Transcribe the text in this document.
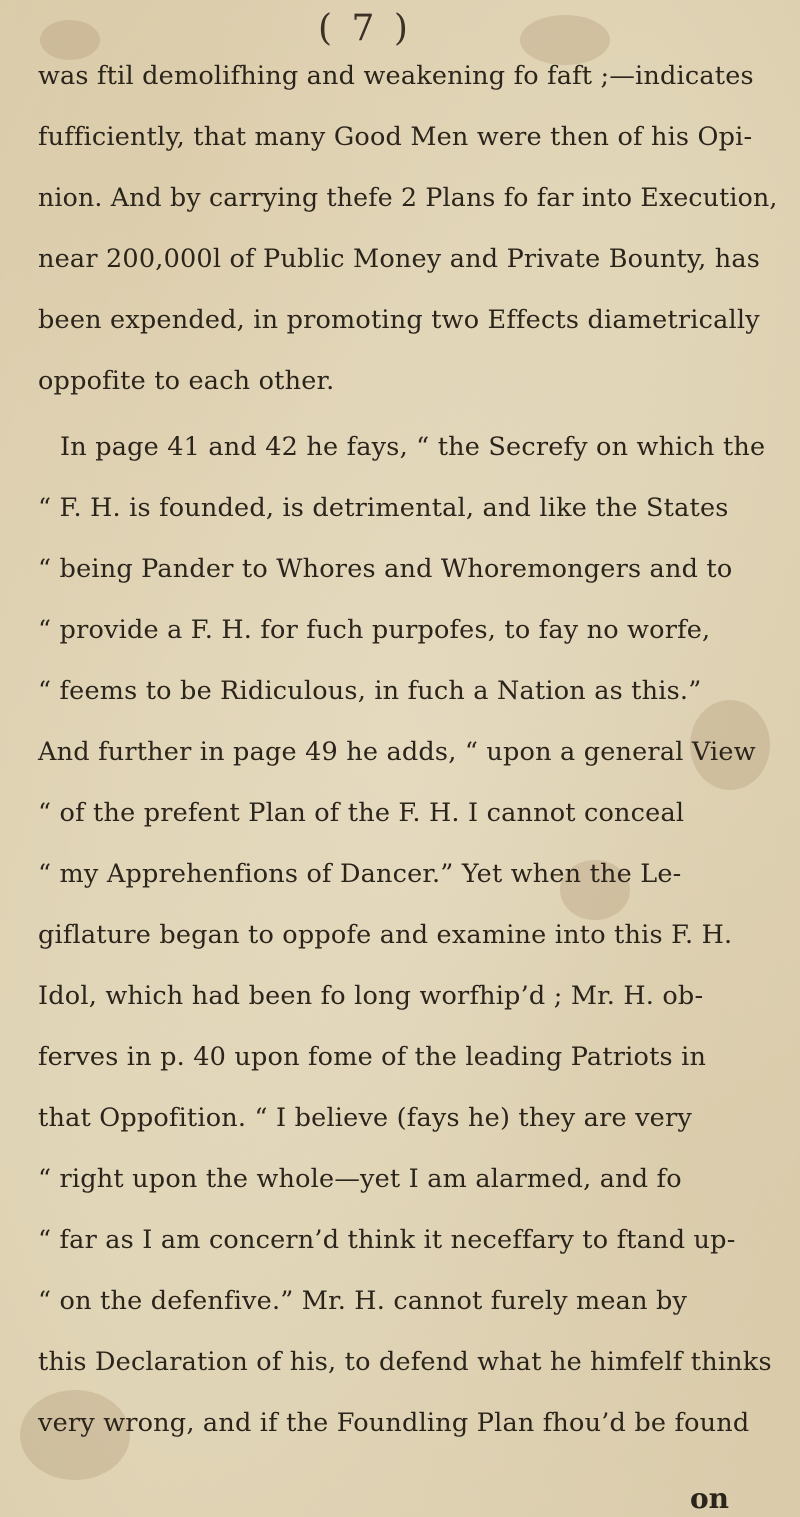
( 7 )
was ftil demolifhing and weakening fo faft ;—indicates
fufficiently, that many Good Men were then of his Opi-
nion. And by carrying thefe 2 Plans fo far into Execution,
near 200,000l of Public Money and Private Bounty, has
been expended, in promoting two Effects diametrically
oppofite to each other.
In page 41 and 42 he fays, “ the Secrefy on which the
“ F. H. is founded, is detrimental, and like the States
“ being Pander to Whores and Whoremongers and to
“ provide a F. H. for fuch purpofes, to fay no worfe,
“ feems to be Ridiculous, in fuch a Nation as this.”
And further in page 49 he adds, “ upon a general View
“ of the prefent Plan of the F. H. I cannot conceal
“ my Apprehenfions of Dancer.” Yet when the Le-
giflature began to oppofe and examine into this F. H.
Idol, which had been fo long worfhip’d ; Mr. H. ob-
ferves in p. 40 upon fome of the leading Patriots in
that Oppofition. “ I believe (fays he) they are very
“ right upon the whole—yet I am alarmed, and fo
“ far as I am concern’d think it neceffary to ftand up-
“ on the defenfive.” Mr. H. cannot furely mean by
this Declaration of his, to defend what he himfelf thinks
very wrong, and if the Foundling Plan fhou’d be found
on
